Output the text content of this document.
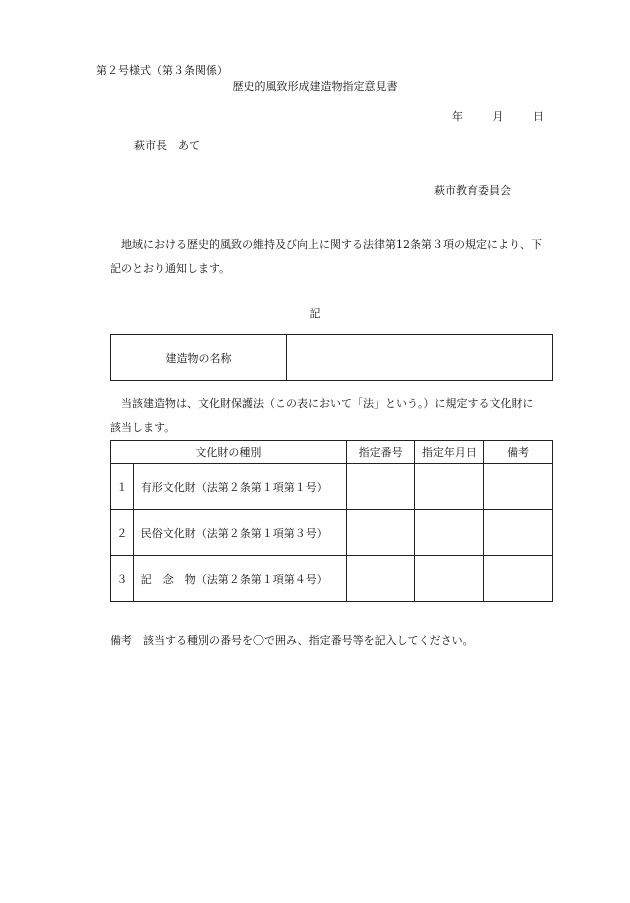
第２号様式（第３条関係）
歴史的風致形成建造物指定意見書
年	月	日
萩市長　あて
萩市教育委員会
地域における歴史的風致の維持及び向上に関する法律第12条第３項の規定により、下
記のとおり通知します。
記
建造物の名称	
当該建造物は、文化財保護法（この表において「法」という。）に規定する文化財に
該当します。
文化財の種別		指定番号	指定年月日	備考
１	有形文化財（法第２条第１項第１号）			
２	民俗文化財（法第２条第１項第３号）			
３	記　念　物（法第２条第１項第４号）			
備考　該当する種別の番号を〇で囲み、指定番号等を記入してください。
